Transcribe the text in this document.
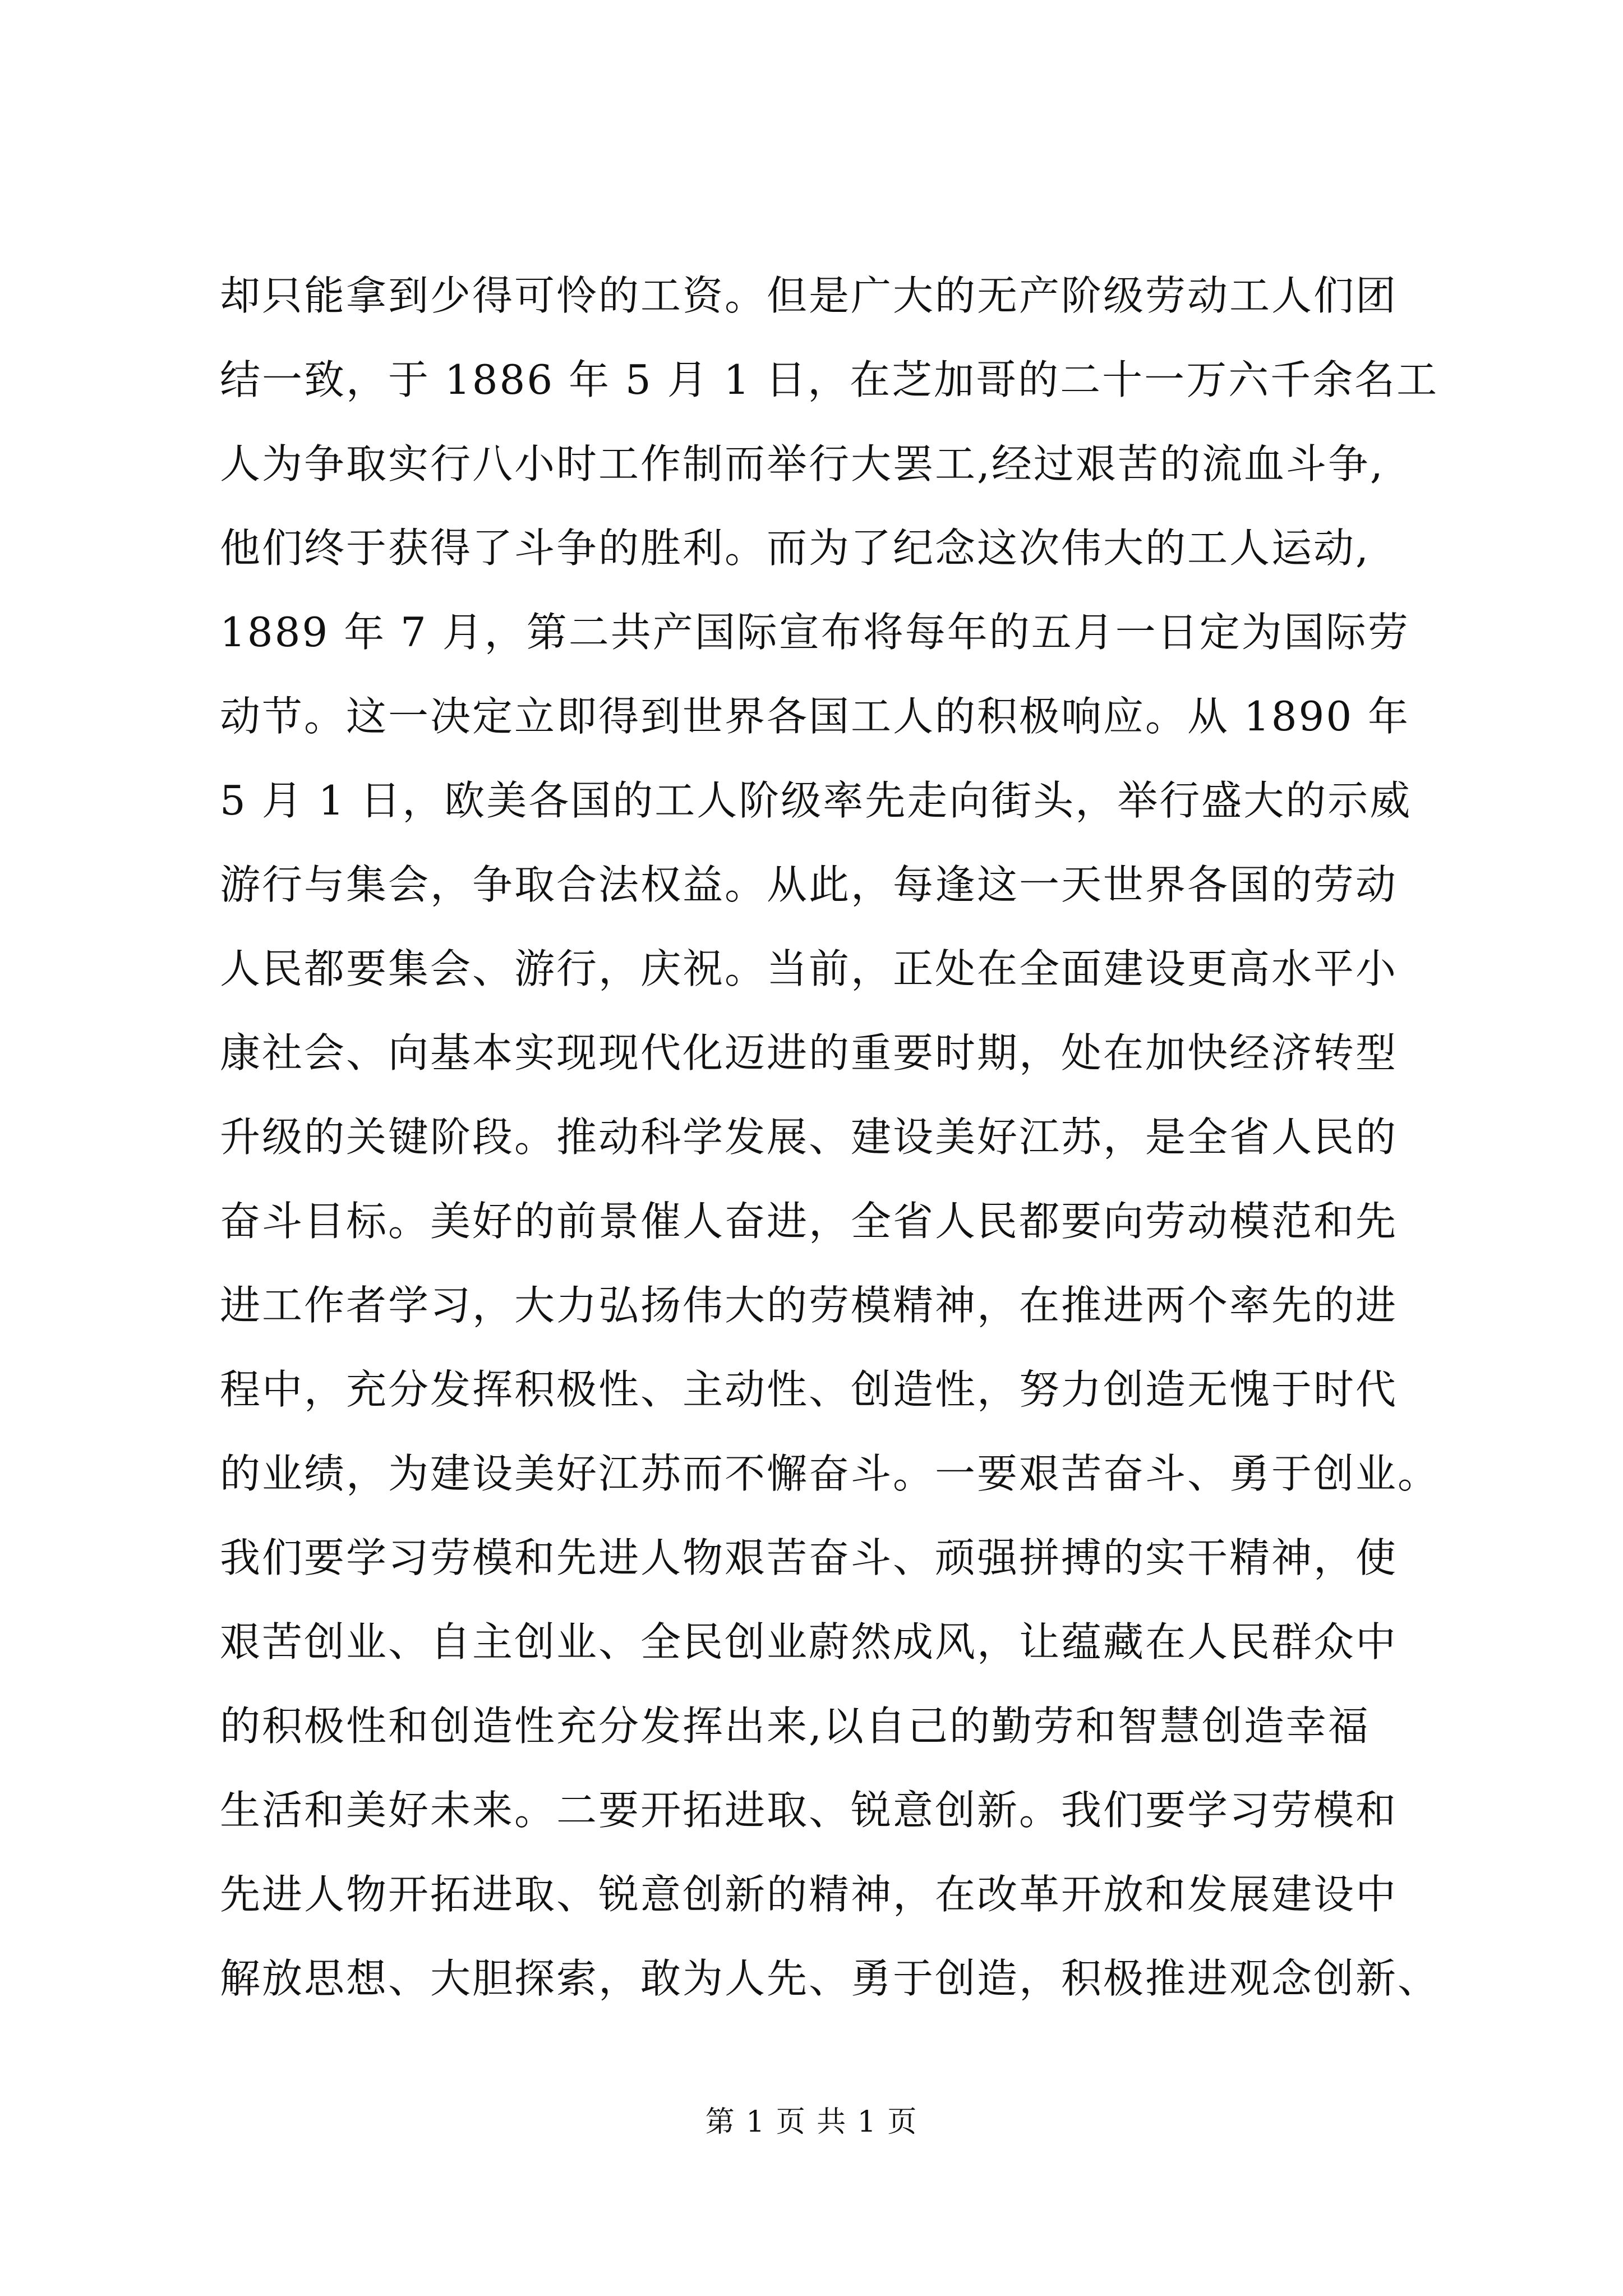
却只能拿到少得可怜的工资。但是广大的无产阶级劳动工人们团
结一致，于 1886 年 5 月 1 日，在芝加哥的二十一万六千余名工
人为争取实行八小时工作制而举行大罢工,经过艰苦的流血斗争,
他们终于获得了斗争的胜利。而为了纪念这次伟大的工人运动,
1889 年 7 月，第二共产国际宣布将每年的五月一日定为国际劳
动节。这一决定立即得到世界各国工人的积极响应。从 1890 年
5 月 1 日，欧美各国的工人阶级率先走向街头，举行盛大的示威
游行与集会，争取合法权益。从此，每逢这一天世界各国的劳动
人民都要集会、游行，庆祝。当前，正处在全面建设更高水平小
康社会、向基本实现现代化迈进的重要时期，处在加快经济转型
升级的关键阶段。推动科学发展、建设美好江苏，是全省人民的
奋斗目标。美好的前景催人奋进，全省人民都要向劳动模范和先
进工作者学习，大力弘扬伟大的劳模精神，在推进两个率先的进
程中，充分发挥积极性、主动性、创造性，努力创造无愧于时代
的业绩，为建设美好江苏而不懈奋斗。一要艰苦奋斗、勇于创业。
我们要学习劳模和先进人物艰苦奋斗、顽强拼搏的实干精神，使
艰苦创业、自主创业、全民创业蔚然成风，让蕴藏在人民群众中
的积极性和创造性充分发挥出来,以自己的勤劳和智慧创造幸福
生活和美好未来。二要开拓进取、锐意创新。我们要学习劳模和
先进人物开拓进取、锐意创新的精神，在改革开放和发展建设中
解放思想、大胆探索，敢为人先、勇于创造，积极推进观念创新、
第 1 页 共 1 页
